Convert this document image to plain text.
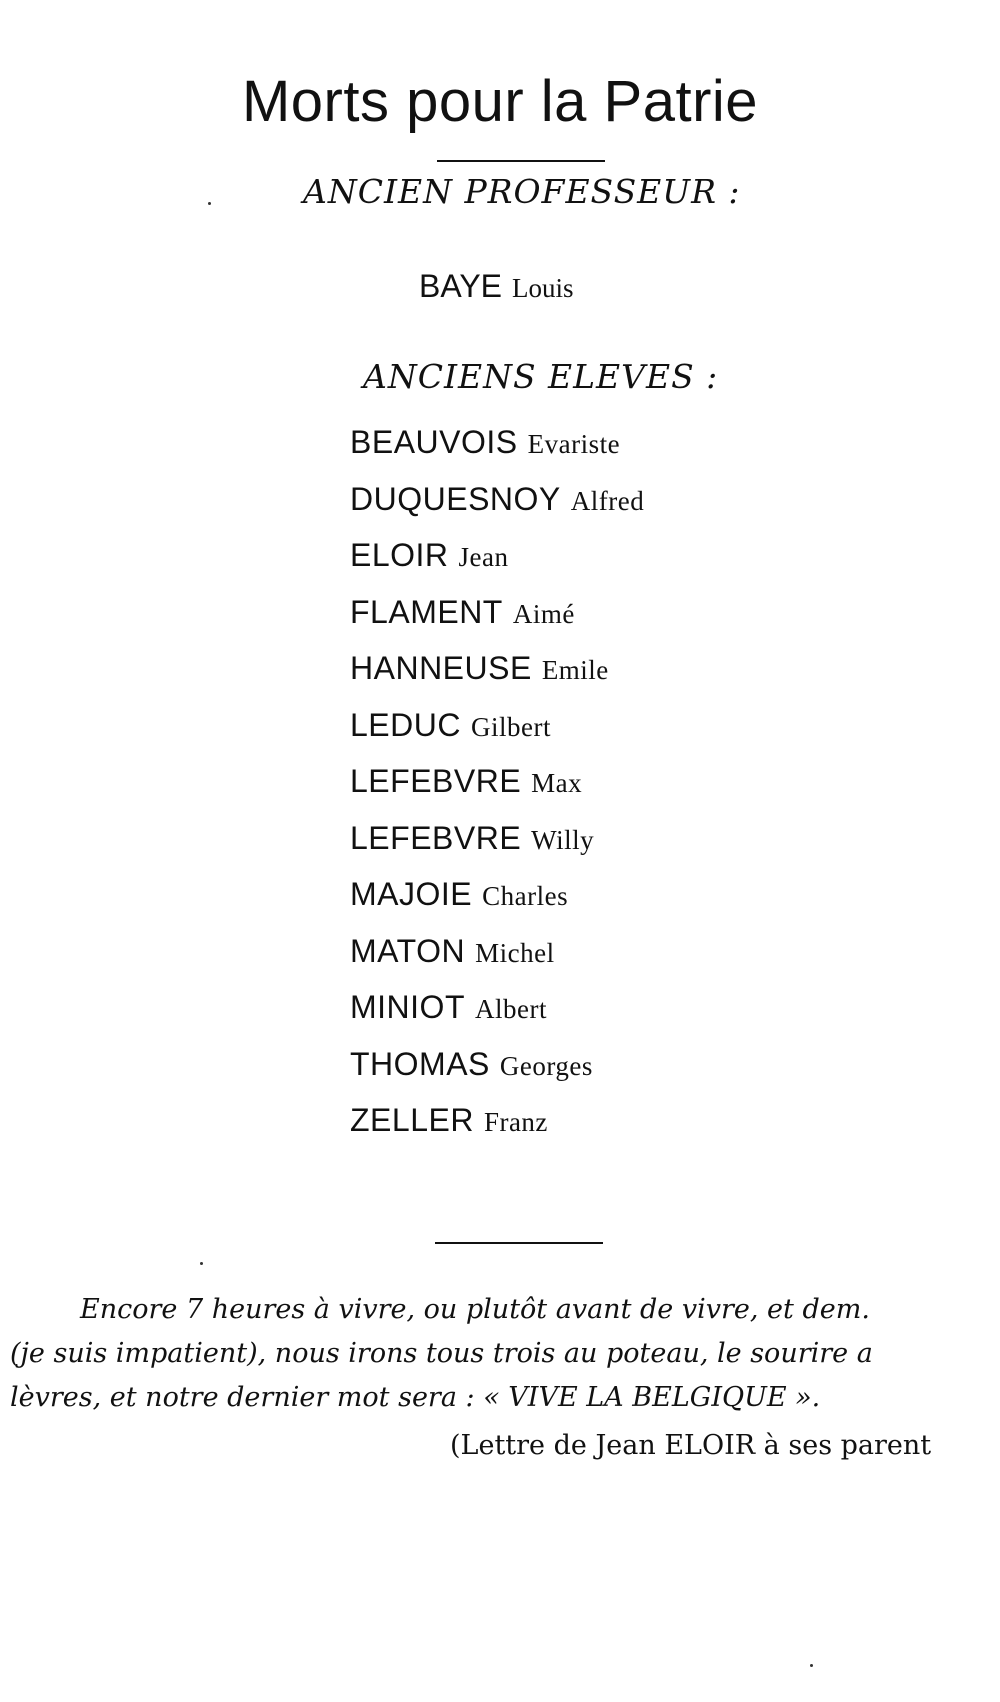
Morts pour la Patrie
ANCIEN PROFESSEUR :
BAYE Louis
ANCIENS ELEVES :
BEAUVOIS Evariste
DUQUESNOY Alfred
ELOIR Jean
FLAMENT Aimé
HANNEUSE Emile
LEDUC Gilbert
LEFEBVRE Max
LEFEBVRE Willy
MAJOIE Charles
MATON Michel
MINIOT Albert
THOMAS Georges
ZELLER Franz
Encore 7 heures à vivre, ou plutôt avant de vivre, et dem.
(je suis impatient), nous irons tous trois au poteau, le sourire a
lèvres, et notre dernier mot sera : « VIVE LA BELGIQUE ».
(Lettre de Jean ELOIR à ses parent
